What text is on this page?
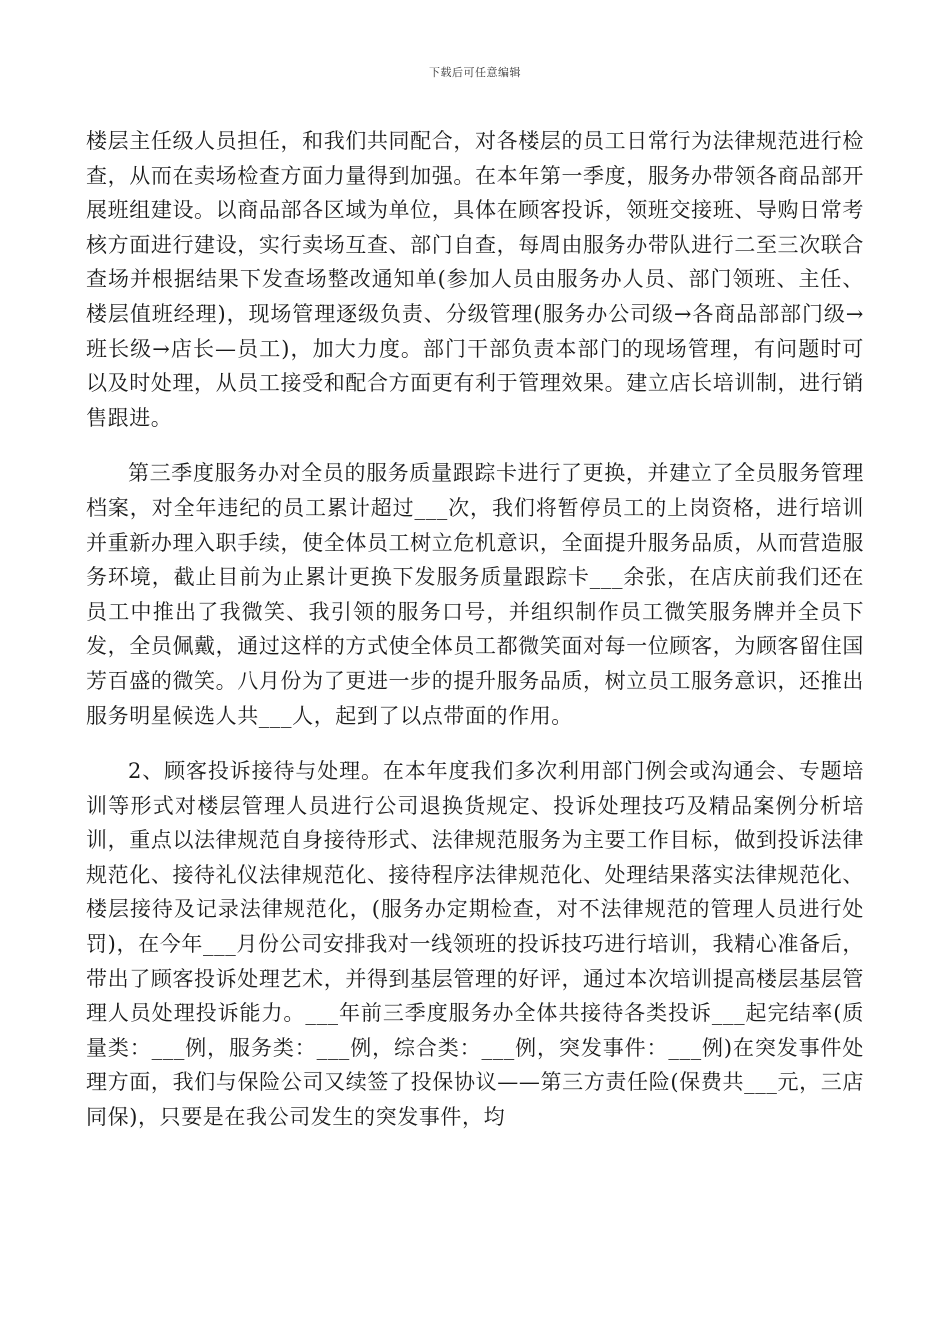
下载后可任意编辑

楼层主任级人员担任，和我们共同配合，对各楼层的员工日常行为法律规范进行检查，从而在卖场检查方面力量得到加强。在本年第一季度，服务办带领各商品部开展班组建设。以商品部各区域为单位，具体在顾客投诉，领班交接班、导购日常考核方面进行建设，实行卖场互查、部门自查，每周由服务办带队进行二至三次联合查场并根据结果下发查场整改通知单(参加人员由服务办人员、部门领班、主任、楼层值班经理)，现场管理逐级负责、分级管理(服务办公司级→各商品部部门级→班长级→店长—员工)，加大力度。部门干部负责本部门的现场管理，有问题时可以及时处理，从员工接受和配合方面更有利于管理效果。建立店长培训制，进行销售跟进。

第三季度服务办对全员的服务质量跟踪卡进行了更换，并建立了全员服务管理档案，对全年违纪的员工累计超过___次，我们将暂停员工的上岗资格，进行培训并重新办理入职手续，使全体员工树立危机意识，全面提升服务品质，从而营造服务环境，截止目前为止累计更换下发服务质量跟踪卡___余张，在店庆前我们还在员工中推出了我微笑、我引领的服务口号，并组织制作员工微笑服务牌并全员下发，全员佩戴，通过这样的方式使全体员工都微笑面对每一位顾客，为顾客留住国芳百盛的微笑。八月份为了更进一步的提升服务品质，树立员工服务意识，还推出服务明星候选人共___人，起到了以点带面的作用。

2、顾客投诉接待与处理。在本年度我们多次利用部门例会或沟通会、专题培训等形式对楼层管理人员进行公司退换货规定、投诉处理技巧及精品案例分析培训，重点以法律规范自身接待形式、法律规范服务为主要工作目标，做到投诉法律规范化、接待礼仪法律规范化、接待程序法律规范化、处理结果落实法律规范化、楼层接待及记录法律规范化，(服务办定期检查，对不法律规范的管理人员进行处罚)，在今年___月份公司安排我对一线领班的投诉技巧进行培训，我精心准备后，带出了顾客投诉处理艺术，并得到基层管理的好评，通过本次培训提高楼层基层管理人员处理投诉能力。___年前三季度服务办全体共接待各类投诉___起完结率(质量类：___例，服务类：___例，综合类：___例，突发事件：___例)在突发事件处理方面，我们与保险公司又续签了投保协议——第三方责任险(保费共___元，三店同保)，只要是在我公司发生的突发事件，均
